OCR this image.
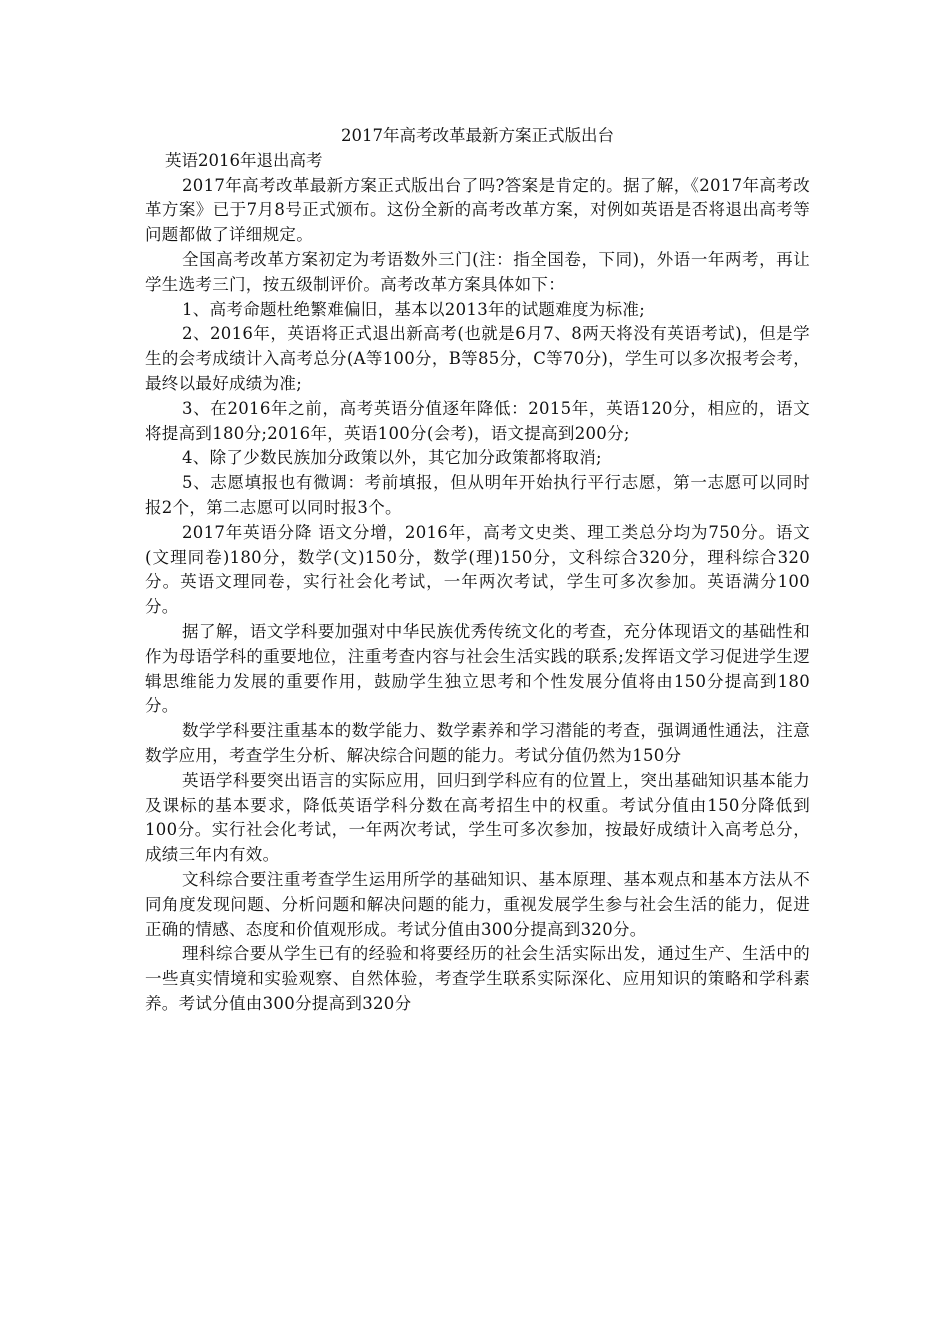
2017年高考改革最新方案正式版出台

英语2016年退出高考

2017年高考改革最新方案正式版出台了吗?答案是肯定的。据了解，《2017年高考改革方案》已于7月8号正式颁布。这份全新的高考改革方案，对例如英语是否将退出高考等问题都做了详细规定。

全国高考改革方案初定为考语数外三门(注：指全国卷，下同)，外语一年两考，再让学生选考三门，按五级制评价。高考改革方案具体如下：

1、高考命题杜绝繁难偏旧，基本以2013年的试题难度为标准;

2、2016年，英语将正式退出新高考(也就是6月7、8两天将没有英语考试)，但是学生的会考成绩计入高考总分(A等100分，B等85分，C等70分)，学生可以多次报考会考，最终以最好成绩为准;

3、在2016年之前，高考英语分值逐年降低：2015年，英语120分，相应的，语文将提高到180分;2016年，英语100分(会考)，语文提高到200分;

4、除了少数民族加分政策以外，其它加分政策都将取消;

5、志愿填报也有微调：考前填报，但从明年开始执行平行志愿，第一志愿可以同时报2个，第二志愿可以同时报3个。

2017年英语分降 语文分增，2016年，高考文史类、理工类总分均为750分。语文(文理同卷)180分，数学(文)150分，数学(理)150分，文科综合320分，理科综合320分。英语文理同卷，实行社会化考试，一年两次考试，学生可多次参加。英语满分100分。

据了解，语文学科要加强对中华民族优秀传统文化的考查，充分体现语文的基础性和作为母语学科的重要地位，注重考查内容与社会生活实践的联系;发挥语文学习促进学生逻辑思维能力发展的重要作用，鼓励学生独立思考和个性发展分值将由150分提高到180分。

数学学科要注重基本的数学能力、数学素养和学习潜能的考查，强调通性通法，注意数学应用，考查学生分析、解决综合问题的能力。考试分值仍然为150分

英语学科要突出语言的实际应用，回归到学科应有的位置上，突出基础知识基本能力及课标的基本要求，降低英语学科分数在高考招生中的权重。考试分值由150分降低到100分。实行社会化考试，一年两次考试，学生可多次参加，按最好成绩计入高考总分，成绩三年内有效。

文科综合要注重考查学生运用所学的基础知识、基本原理、基本观点和基本方法从不同角度发现问题、分析问题和解决问题的能力，重视发展学生参与社会生活的能力，促进正确的情感、态度和价值观形成。考试分值由300分提高到320分。

理科综合要从学生已有的经验和将要经历的社会生活实际出发，通过生产、生活中的一些真实情境和实验观察、自然体验，考查学生联系实际深化、应用知识的策略和学科素养。考试分值由300分提高到320分
